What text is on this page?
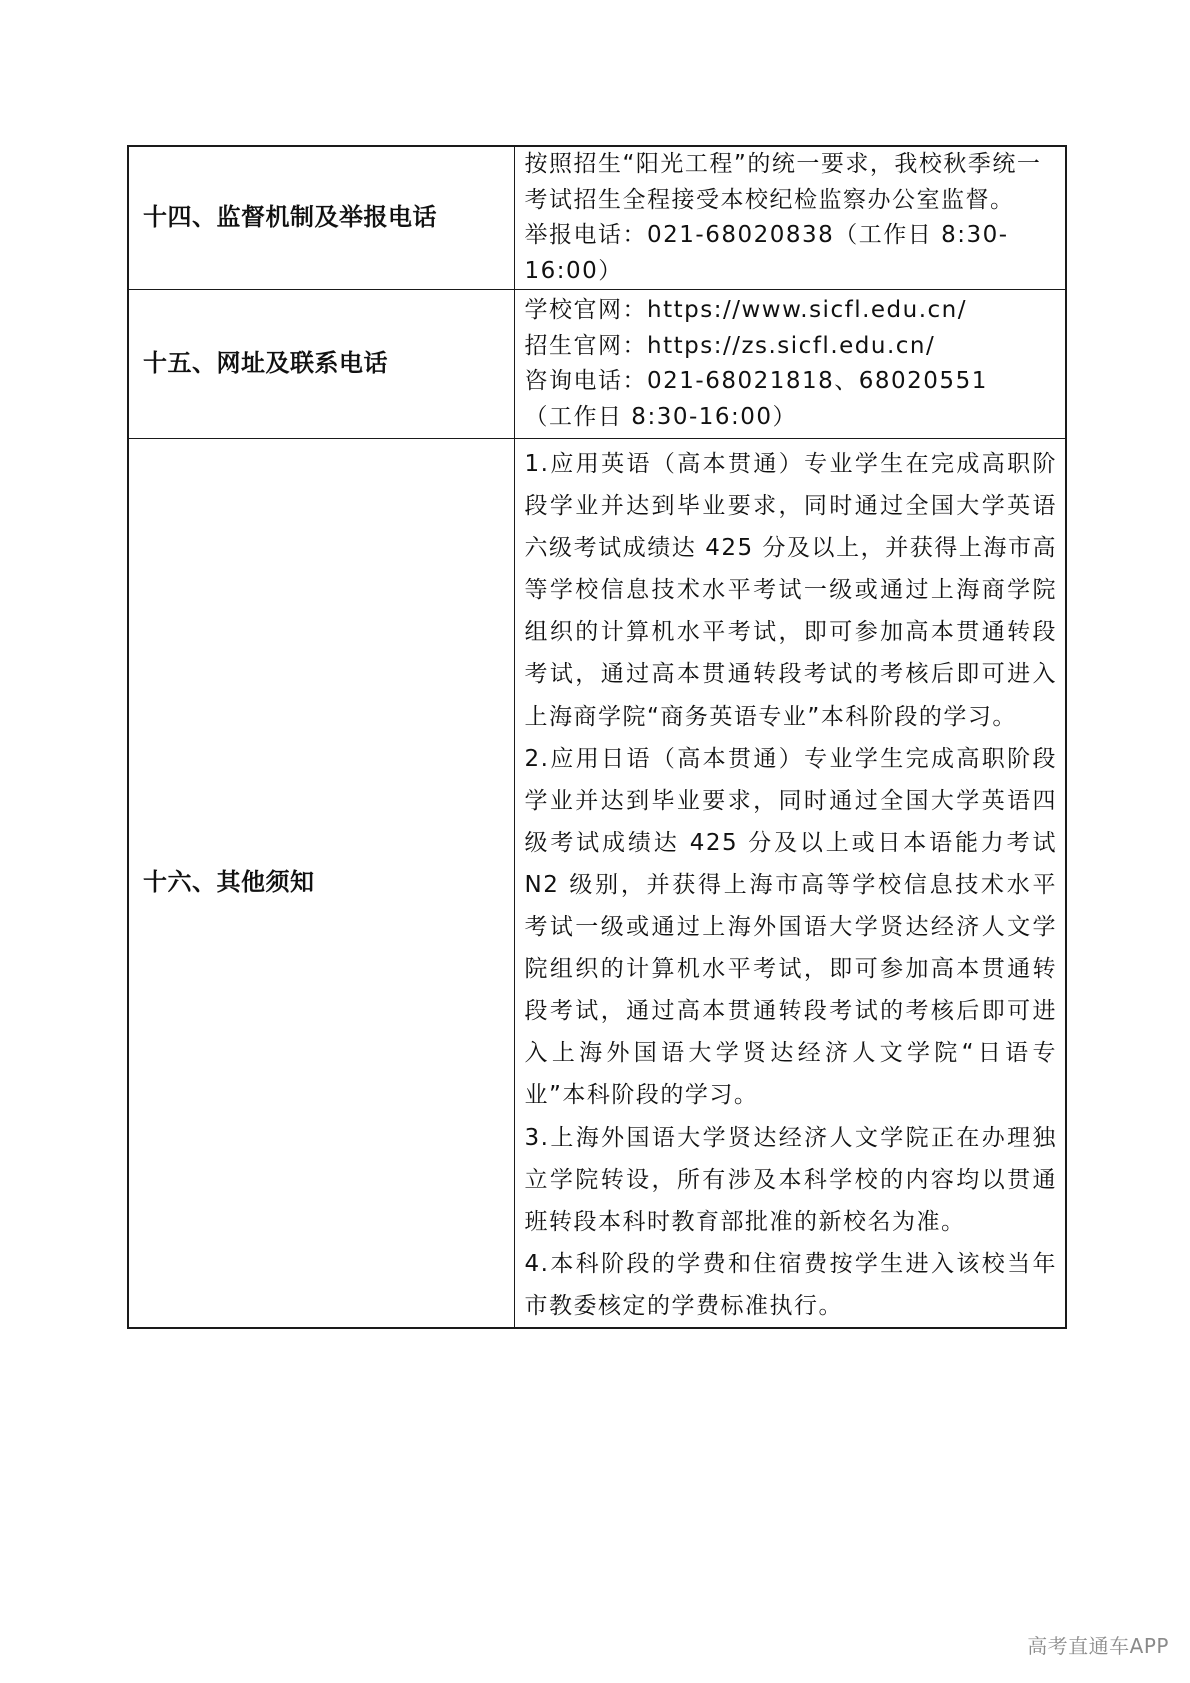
十四、监督机制及举报电话	按照招生“阳光工程”的统一要求，我校秋季统一考试招生全程接受本校纪检监察办公室监督。

举报电话：021-68020838（工作日 8:30-16:00）

十五、网址及联系电话	学校官网：https://www.sicfl.edu.cn/

招生官网：https://zs.sicfl.edu.cn/

咨询电话：021-68021818、68020551

（工作日 8:30-16:00）

十六、其他须知	1.应用英语（高本贯通）专业学生在完成高职阶段学业并达到毕业要求，同时通过全国大学英语六级考试成绩达 425 分及以上，并获得上海市高等学校信息技术水平考试一级或通过上海商学院组织的计算机水平考试，即可参加高本贯通转段考试，通过高本贯通转段考试的考核后即可进入上海商学院“商务英语专业”本科阶段的学习。

2.应用日语（高本贯通）专业学生完成高职阶段学业并达到毕业要求，同时通过全国大学英语四级考试成绩达 425 分及以上或日本语能力考试 N2 级别，并获得上海市高等学校信息技术水平考试一级或通过上海外国语大学贤达经济人文学院组织的计算机水平考试，即可参加高本贯通转段考试，通过高本贯通转段考试的考核后即可进入上海外国语大学贤达经济人文学院“日语专业”本科阶段的学习。

3.上海外国语大学贤达经济人文学院正在办理独立学院转设，所有涉及本科学校的内容均以贯通班转段本科时教育部批准的新校名为准。

4.本科阶段的学费和住宿费按学生进入该校当年市教委核定的学费标准执行。

高考直通车APP
